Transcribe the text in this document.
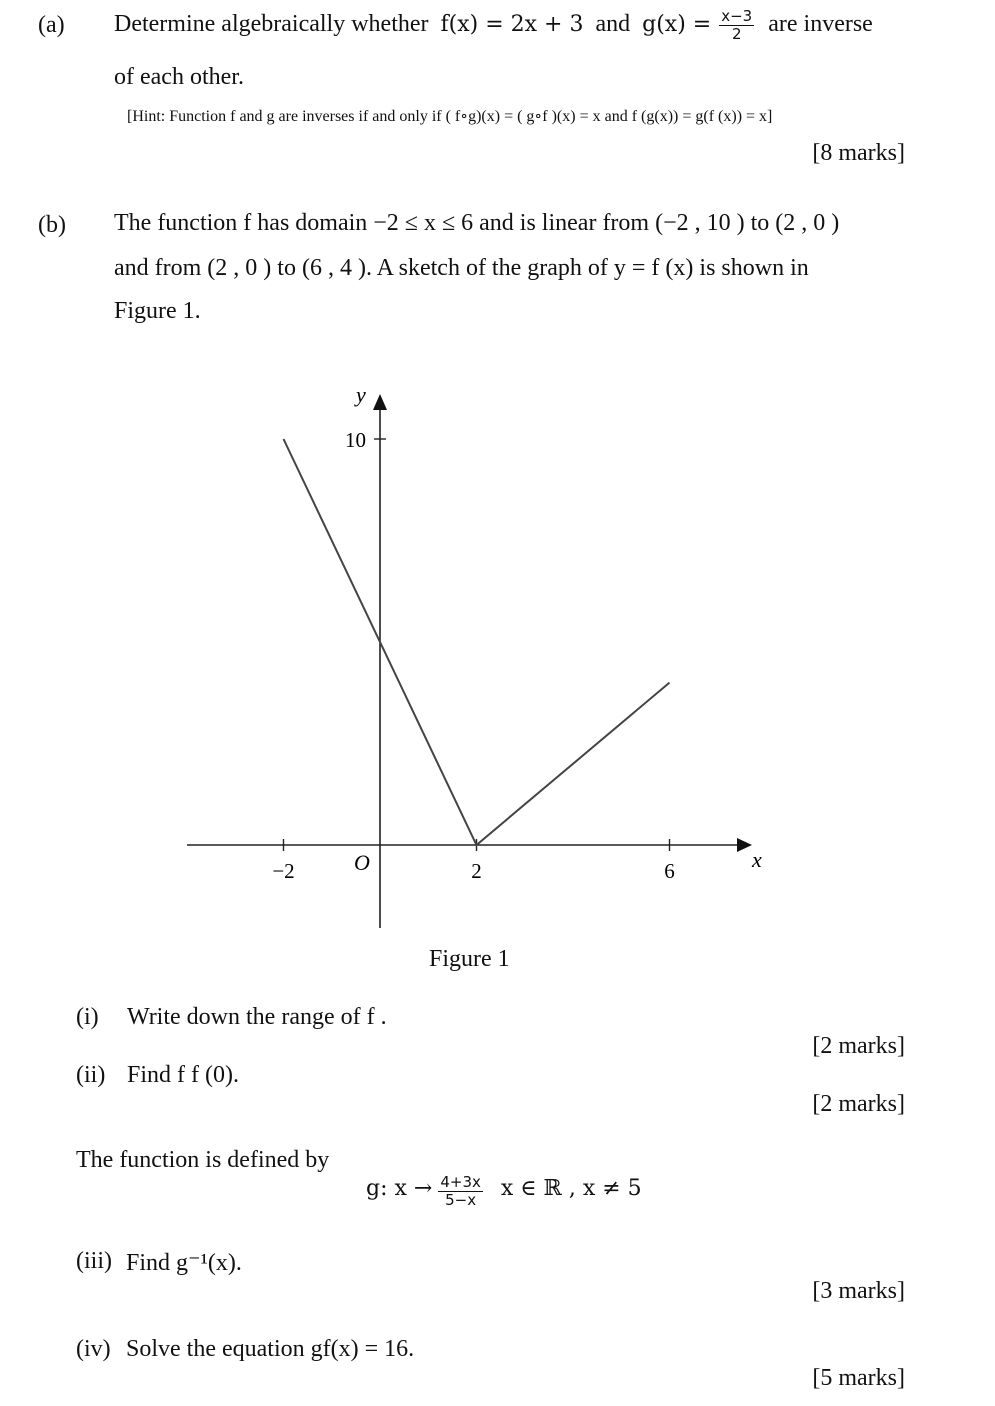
(a) Determine algebraically whether f(x) = 2x + 3 and $g(x) = \frac{x-3}{2}$ are inverse
of each other.
[Hint: Function f and g are inverses if and only if ( f∘g)(x) = ( g∘f )(x) = x and f (g(x)) = g(f (x)) = x]
[8 marks]
(b) The function f has domain −2 ≤ x ≤ 6 and is linear from (−2 , 10 ) to (2 , 0 )
and from (2 , 0 ) to (6 , 4 ). A sketch of the graph of y = f (x) is shown in
Figure 1.
−2	2	6
10
x
y
O
Figure 1
(i) Write down the range of f .
[2 marks]
(ii) Find f f (0).
[2 marks]
The function is defined by
g: $x \to \frac{4+3x}{5-x}$ x ∈ ℝ , x ≠ 5
(iii) Find g⁻¹(x).
[3 marks]
(iv) Solve the equation gf(x) = 16.
[5 marks]
